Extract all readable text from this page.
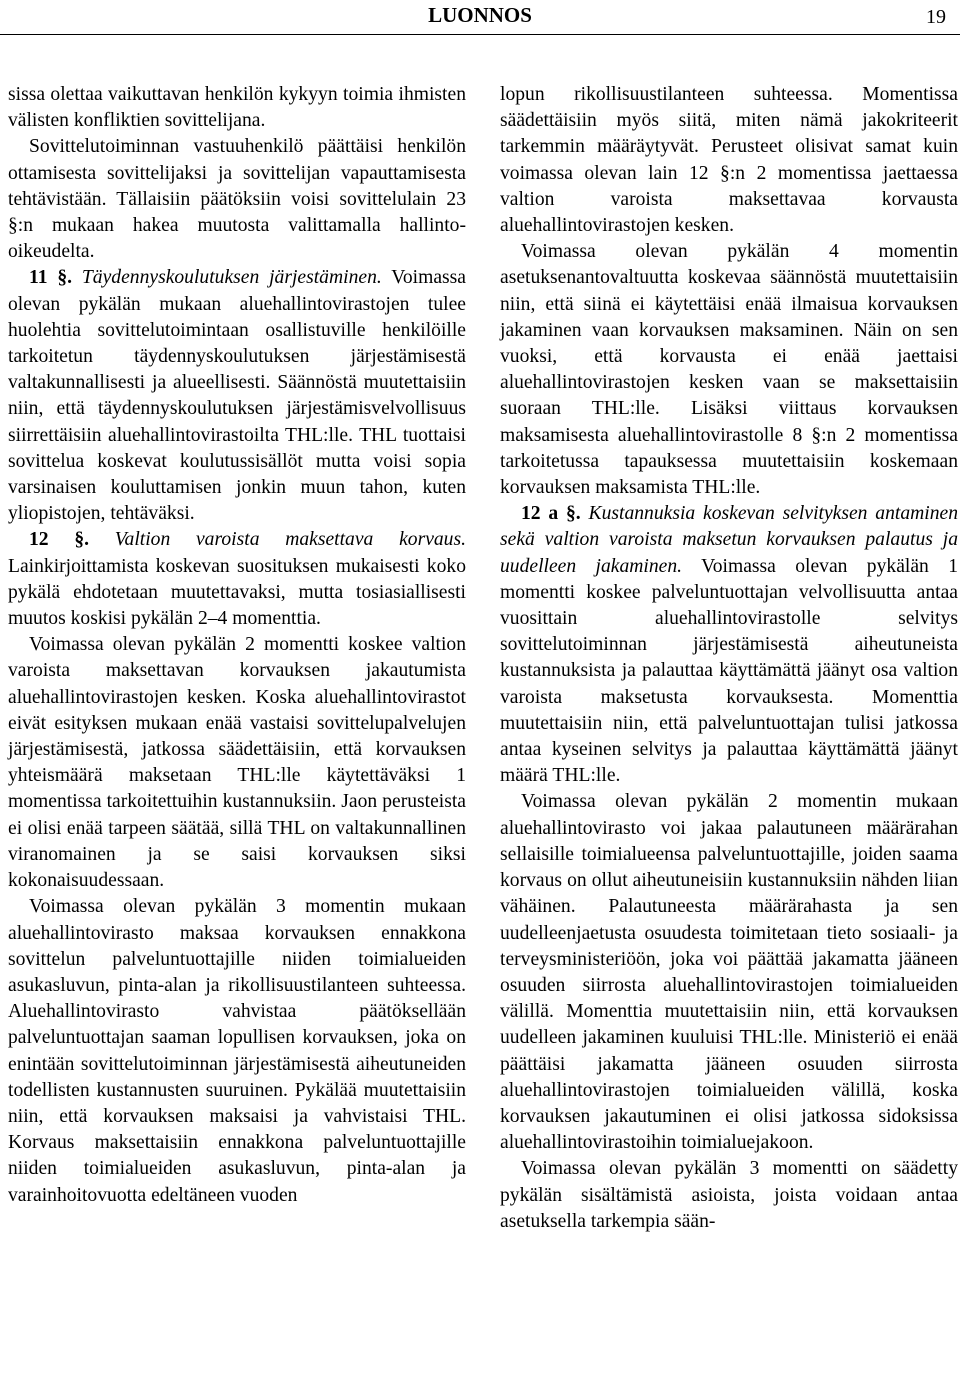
LUONNOS	19

sissa olettaa vaikuttavan henkilön kykyyn toimia ihmisten välisten konfliktien sovittelijana.

Sovittelutoiminnan vastuuhenkilö päättäisi henkilön ottamisesta sovittelijaksi ja sovittelijan vapauttamisesta tehtävistään. Tällaisiin päätöksiin voisi sovittelulain 23 §:n mukaan hakea muutosta valittamalla hallinto-oikeudelta.

11 §. Täydennyskoulutuksen järjestäminen. Voimassa olevan pykälän mukaan aluehallintovirastojen tulee huolehtia sovittelutoimintaan osallistuville henkilöille tarkoitetun täydennyskoulutuksen järjestämisestä valtakunnallisesti ja alueellisesti. Säännöstä muutettaisiin niin, että täydennyskoulutuksen järjestämisvelvollisuus siirrettäisiin aluehallintovirastoilta THL:lle. THL tuottaisi sovittelua koskevat koulutussisällöt mutta voisi sopia varsinaisen kouluttamisen jonkin muun tahon, kuten yliopistojen, tehtäväksi.

12 §. Valtion varoista maksettava korvaus. Lainkirjoittamista koskevan suosituksen mukaisesti koko pykälä ehdotetaan muutettavaksi, mutta tosiasiallisesti muutos koskisi pykälän 2–4 momenttia.

Voimassa olevan pykälän 2 momentti koskee valtion varoista maksettavan korvauksen jakautumista aluehallintovirastojen kesken. Koska aluehallintovirastot eivät esityksen mukaan enää vastaisi sovittelupalvelujen järjestämisestä, jatkossa säädettäisiin, että korvauksen yhteismäärä maksetaan THL:lle käytettäväksi 1 momentissa tarkoitettuihin kustannuksiin. Jaon perusteista ei olisi enää tarpeen säätää, sillä THL on valtakunnallinen viranomainen ja se saisi korvauksen siksi kokonaisuudessaan.

Voimassa olevan pykälän 3 momentin mukaan aluehallintovirasto maksaa korvauksen ennakkona sovittelun palveluntuottajille niiden toimialueiden asukasluvun, pinta-alan ja rikollisuustilanteen suhteessa. Aluehallintovirasto vahvistaa päätöksellään palveluntuottajan saaman lopullisen korvauksen, joka on enintään sovittelutoiminnan järjestämisestä aiheutuneiden todellisten kustannusten suuruinen. Pykälää muutettaisiin niin, että korvauksen maksaisi ja vahvistaisi THL. Korvaus maksettaisiin ennakkona palveluntuottajille niiden toimialueiden asukasluvun, pinta-alan ja varainhoitovuotta edeltäneen vuoden

lopun rikollisuustilanteen suhteessa. Momentissa säädettäisiin myös siitä, miten nämä jakokriteerit tarkemmin määräytyvät. Perusteet olisivat samat kuin voimassa olevan lain 12 §:n 2 momentissa jaettaessa valtion varoista maksettavaa korvausta aluehallintovirastojen kesken.

Voimassa olevan pykälän 4 momentin asetuksenantovaltuutta koskevaa säännöstä muutettaisiin niin, että siinä ei käytettäisi enää ilmaisua korvauksen jakaminen vaan korvauksen maksaminen. Näin on sen vuoksi, että korvausta ei enää jaettaisi aluehallintovirastojen kesken vaan se maksettaisiin suoraan THL:lle. Lisäksi viittaus korvauksen maksamisesta aluehallintovirastolle 8 §:n 2 momentissa tarkoitetussa tapauksessa muutettaisiin koskemaan korvauksen maksamista THL:lle.

12 a §. Kustannuksia koskevan selvityksen antaminen sekä valtion varoista maksetun korvauksen palautus ja uudelleen jakaminen. Voimassa olevan pykälän 1 momentti koskee palveluntuottajan velvollisuutta antaa vuosittain aluehallintovirastolle selvitys sovittelutoiminnan järjestämisestä aiheutuneista kustannuksista ja palauttaa käyttämättä jäänyt osa valtion varoista maksetusta korvauksesta. Momenttia muutettaisiin niin, että palveluntuottajan tulisi jatkossa antaa kyseinen selvitys ja palauttaa käyttämättä jäänyt määrä THL:lle.

Voimassa olevan pykälän 2 momentin mukaan aluehallintovirasto voi jakaa palautuneen määrärahan sellaisille toimialueensa palveluntuottajille, joiden saama korvaus on ollut aiheutuneisiin kustannuksiin nähden liian vähäinen. Palautuneesta määrärahasta ja sen uudelleenjaetusta osuudesta toimitetaan tieto sosiaali- ja terveysministeriöön, joka voi päättää jakamatta jääneen osuuden siirrosta aluehallintovirastojen toimialueiden välillä. Momenttia muutettaisiin niin, että korvauksen uudelleen jakaminen kuuluisi THL:lle. Ministeriö ei enää päättäisi jakamatta jääneen osuuden siirrosta aluehallintovirastojen toimialueiden välillä, koska korvauksen jakautuminen ei olisi jatkossa sidoksissa aluehallintovirastoihin toimialuejakoon.

Voimassa olevan pykälän 3 momentti on säädetty pykälän sisältämistä asioista, joista voidaan antaa asetuksella tarkempia sään-
